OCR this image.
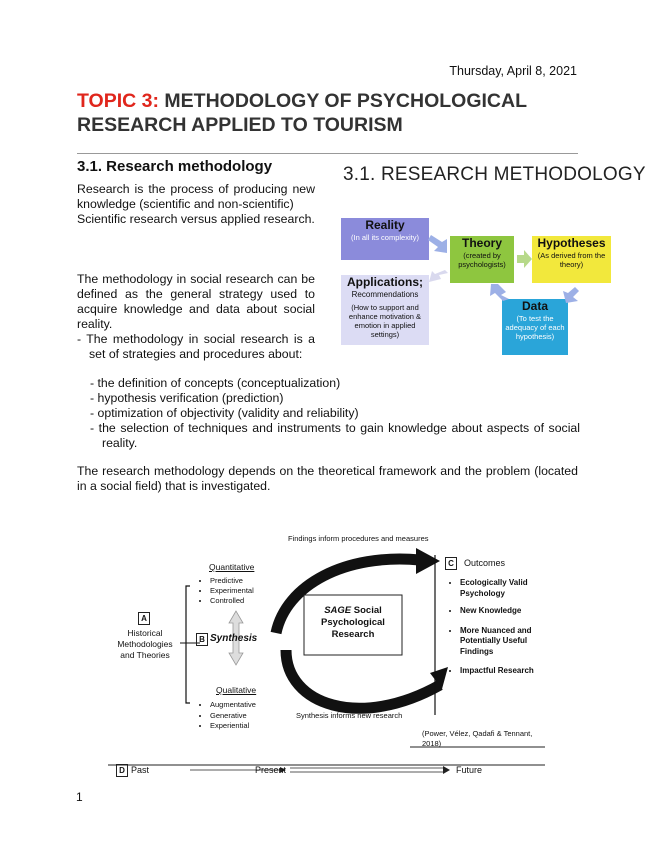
Thursday, April 8, 2021
TOPIC 3: METHODOLOGY OF PSYCHOLOGICAL RESEARCH APPLIED TO TOURISM
3.1. Research methodology
Research is the process of producing new knowledge (scientific and non-scientific)
Scientific research versus applied research.
The methodology in social research can be defined as the general strategy used to acquire knowledge and data about social reality.
- The methodology in social research is a set of strategies and procedures about:
- the definition of concepts (conceptualization)
- hypothesis verification (prediction)
- optimization of objectivity (validity and reliability)
- the selection of techniques and instruments to gain knowledge about aspects of social reality.
The research methodology depends on the theoretical framework and the problem (located in a social field) that is investigated.
3.1. RESEARCH METHODOLOGY
Reality
(In all its complexity)	Theory
(created by psychologists)
Hypotheses
(As derived from the theory)
Data
(To test the adequacy of each hypothesis)
Applications;
Recommendations
(How to support and enhance motivation & emotion in applied settings)
Findings inform procedures and measures
Synthesis informs new research
Quantitative
• Predictive
• Experimental
• Controlled
Qualitative
• Augmentative
• Generative
• Experiential
A
Historical Methodologies and Theories
B Synthesis
SAGE Social Psychological Research
C	Outcomes
• Ecologically Valid Psychology
• New Knowledge
• More Nuanced and Potentially Useful Findings
• Impactful Research
(Power, Vélez, Qadafi & Tennant, 2018)
D Past	Present	Future
1
